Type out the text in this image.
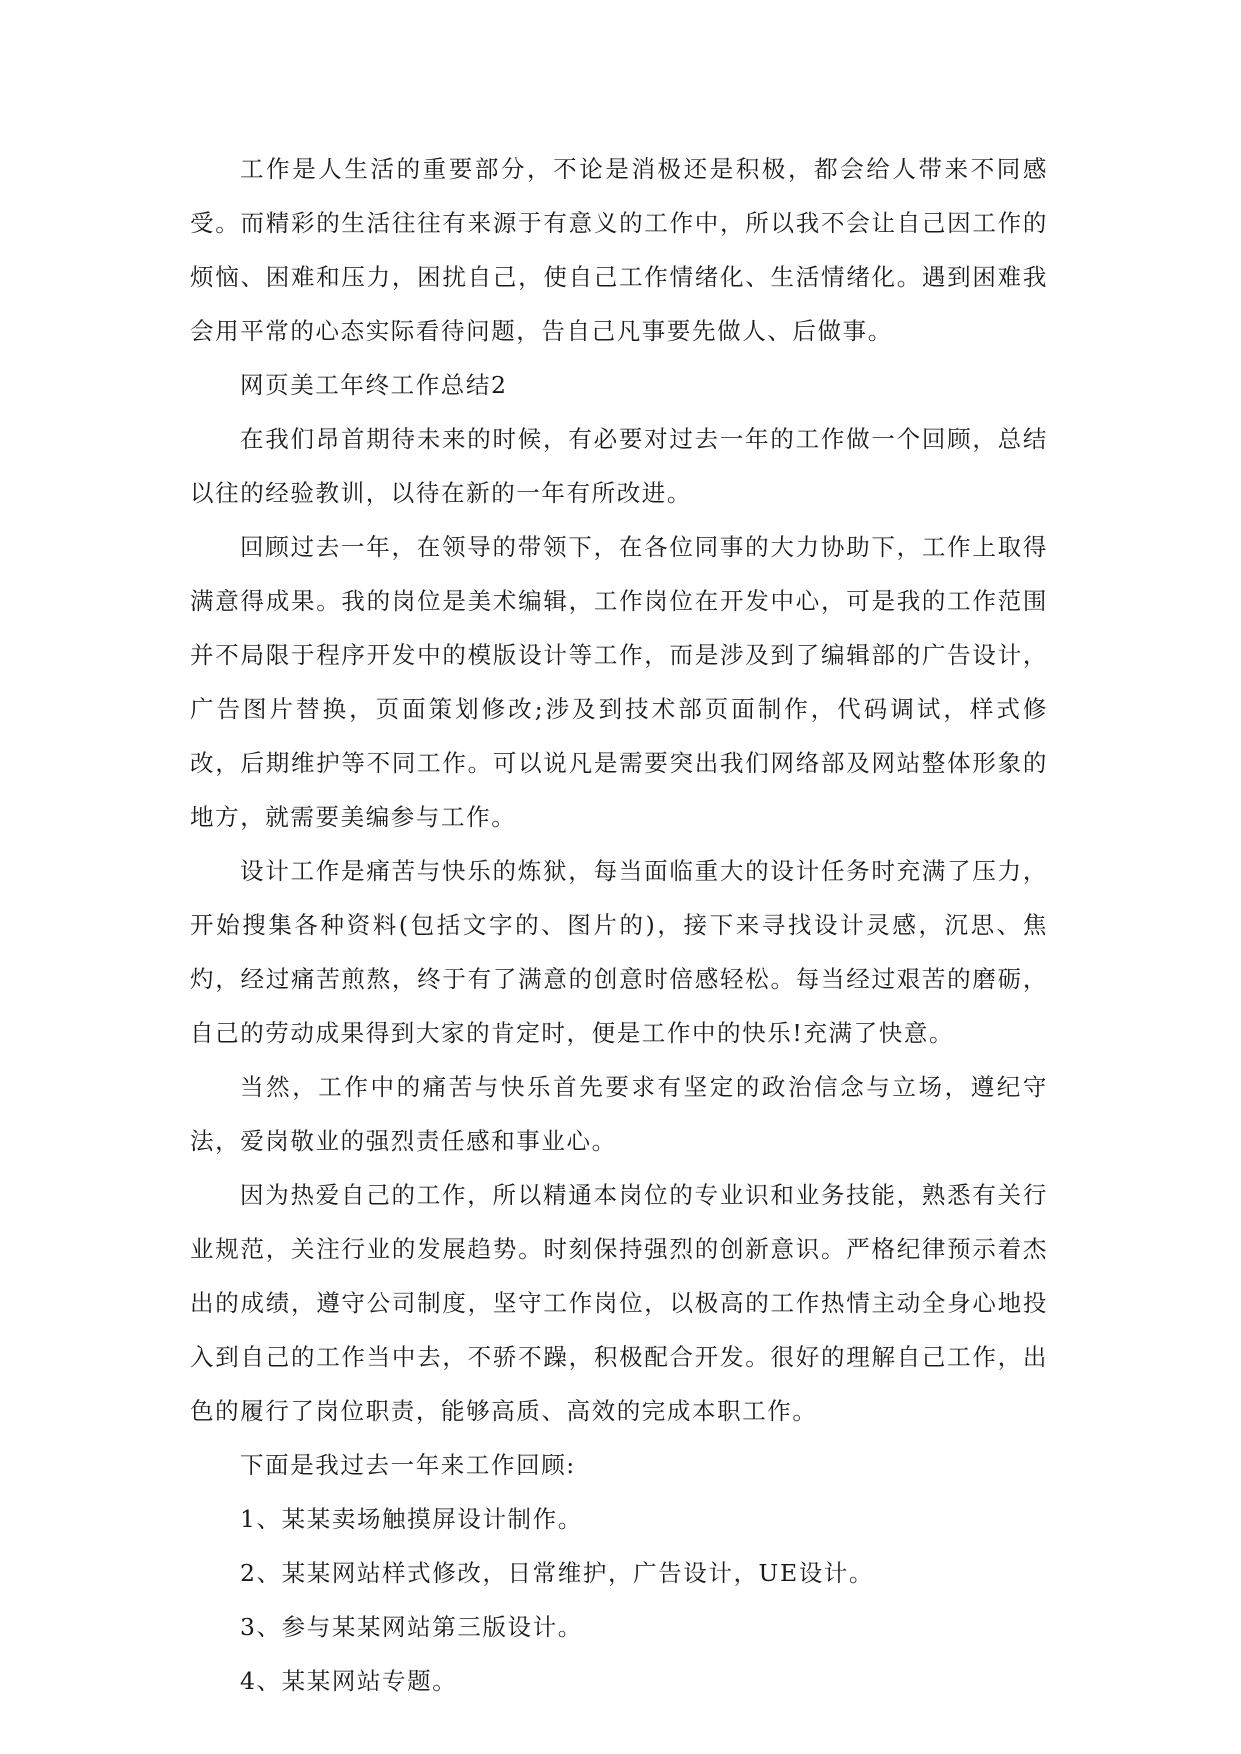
工作是人生活的重要部分，不论是消极还是积极，都会给人带来不同感受。而精彩的生活往往有来源于有意义的工作中，所以我不会让自己因工作的烦恼、困难和压力，困扰自己，使自己工作情绪化、生活情绪化。遇到困难我会用平常的心态实际看待问题，告自己凡事要先做人、后做事。

网页美工年终工作总结2

在我们昂首期待未来的时候，有必要对过去一年的工作做一个回顾，总结以往的经验教训，以待在新的一年有所改进。

回顾过去一年，在领导的带领下，在各位同事的大力协助下，工作上取得满意得成果。我的岗位是美术编辑，工作岗位在开发中心，可是我的工作范围并不局限于程序开发中的模版设计等工作，而是涉及到了编辑部的广告设计，广告图片替换，页面策划修改;涉及到技术部页面制作，代码调试，样式修改，后期维护等不同工作。可以说凡是需要突出我们网络部及网站整体形象的地方，就需要美编参与工作。

设计工作是痛苦与快乐的炼狱，每当面临重大的设计任务时充满了压力，开始搜集各种资料(包括文字的、图片的)，接下来寻找设计灵感，沉思、焦灼，经过痛苦煎熬，终于有了满意的创意时倍感轻松。每当经过艰苦的磨砺，自己的劳动成果得到大家的肯定时，便是工作中的快乐!充满了快意。

当然，工作中的痛苦与快乐首先要求有坚定的政治信念与立场，遵纪守法，爱岗敬业的强烈责任感和事业心。

因为热爱自己的工作，所以精通本岗位的专业识和业务技能，熟悉有关行业规范，关注行业的发展趋势。时刻保持强烈的创新意识。严格纪律预示着杰出的成绩，遵守公司制度，坚守工作岗位，以极高的工作热情主动全身心地投入到自己的工作当中去，不骄不躁，积极配合开发。很好的理解自己工作，出色的履行了岗位职责，能够高质、高效的完成本职工作。

下面是我过去一年来工作回顾:

1、某某卖场触摸屏设计制作。

2、某某网站样式修改，日常维护，广告设计，UE设计。

3、参与某某网站第三版设计。

4、某某网站专题。
